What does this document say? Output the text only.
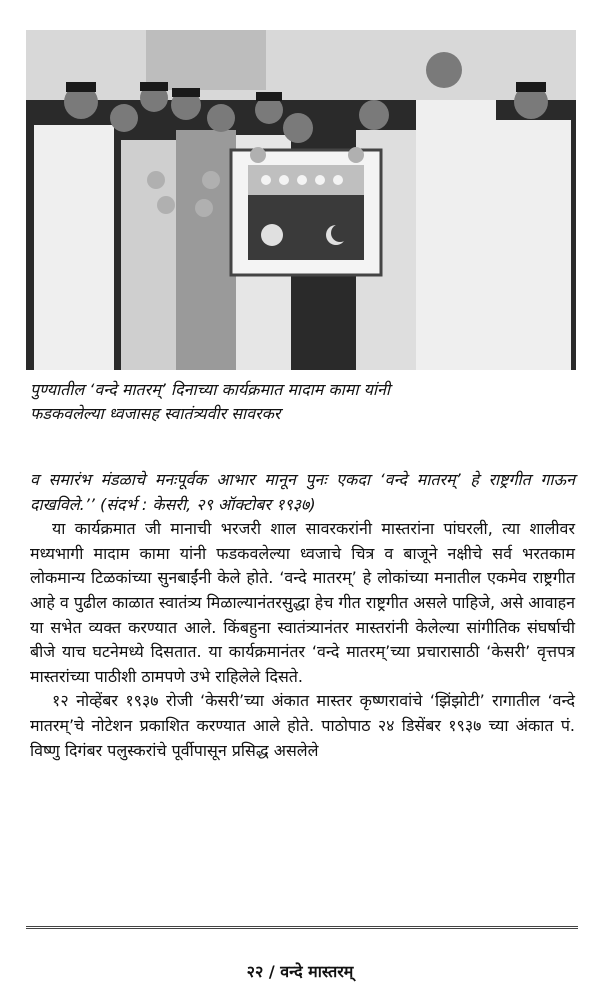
पुण्यातील ‘वन्दे मातरम्’ दिनाच्या कार्यक्रमात मादाम कामा यांनी
फडकवलेल्या ध्वजासह स्वातंत्र्यवीर सावरकर

व समारंभ मंडळाचे मनःपूर्वक आभार मानून पुनः एकदा ‘वन्दे मातरम्’ हे राष्ट्रगीत गाऊन दाखविले.’’ (संदर्भ : केसरी, २९ ऑक्टोबर १९३७)

या कार्यक्रमात जी मानाची भरजरी शाल सावरकरांनी मास्तरांना पांघरली, त्या शालीवर मध्यभागी मादाम कामा यांनी फडकवलेल्या ध्वजाचे चित्र व बाजूने नक्षीचे सर्व भरतकाम लोकमान्य टिळकांच्या सुनबाईंनी केले होते. ‘वन्दे मातरम्’ हे लोकांच्या मनातील एकमेव राष्ट्रगीत आहे व पुढील काळात स्वातंत्र्य मिळाल्यानंतरसुद्धा हेच गीत राष्ट्रगीत असले पाहिजे, असे आवाहन या सभेत व्यक्त करण्यात आले. किंबहुना स्वातंत्र्यानंतर मास्तरांनी केलेल्या सांगीतिक संघर्षाची बीजे याच घटनेमध्ये दिसतात. या कार्यक्रमानंतर ‘वन्दे मातरम्’च्या प्रचारासाठी ‘केसरी’ वृत्तपत्र मास्तरांच्या पाठीशी ठामपणे उभे राहिलेले दिसते.

१२ नोव्हेंबर १९३७ रोजी ‘केसरी’च्या अंकात मास्तर कृष्णरावांचे ‘झिंझोटी’ रागातील ‘वन्दे मातरम्’चे नोटेशन प्रकाशित करण्यात आले होते. पाठोपाठ २४ डिसेंबर १९३७ च्या अंकात पं. विष्णु दिगंबर पलुस्करांचे पूर्वीपासून प्रसिद्ध असलेले

२२ / वन्दे मास्तरम्
